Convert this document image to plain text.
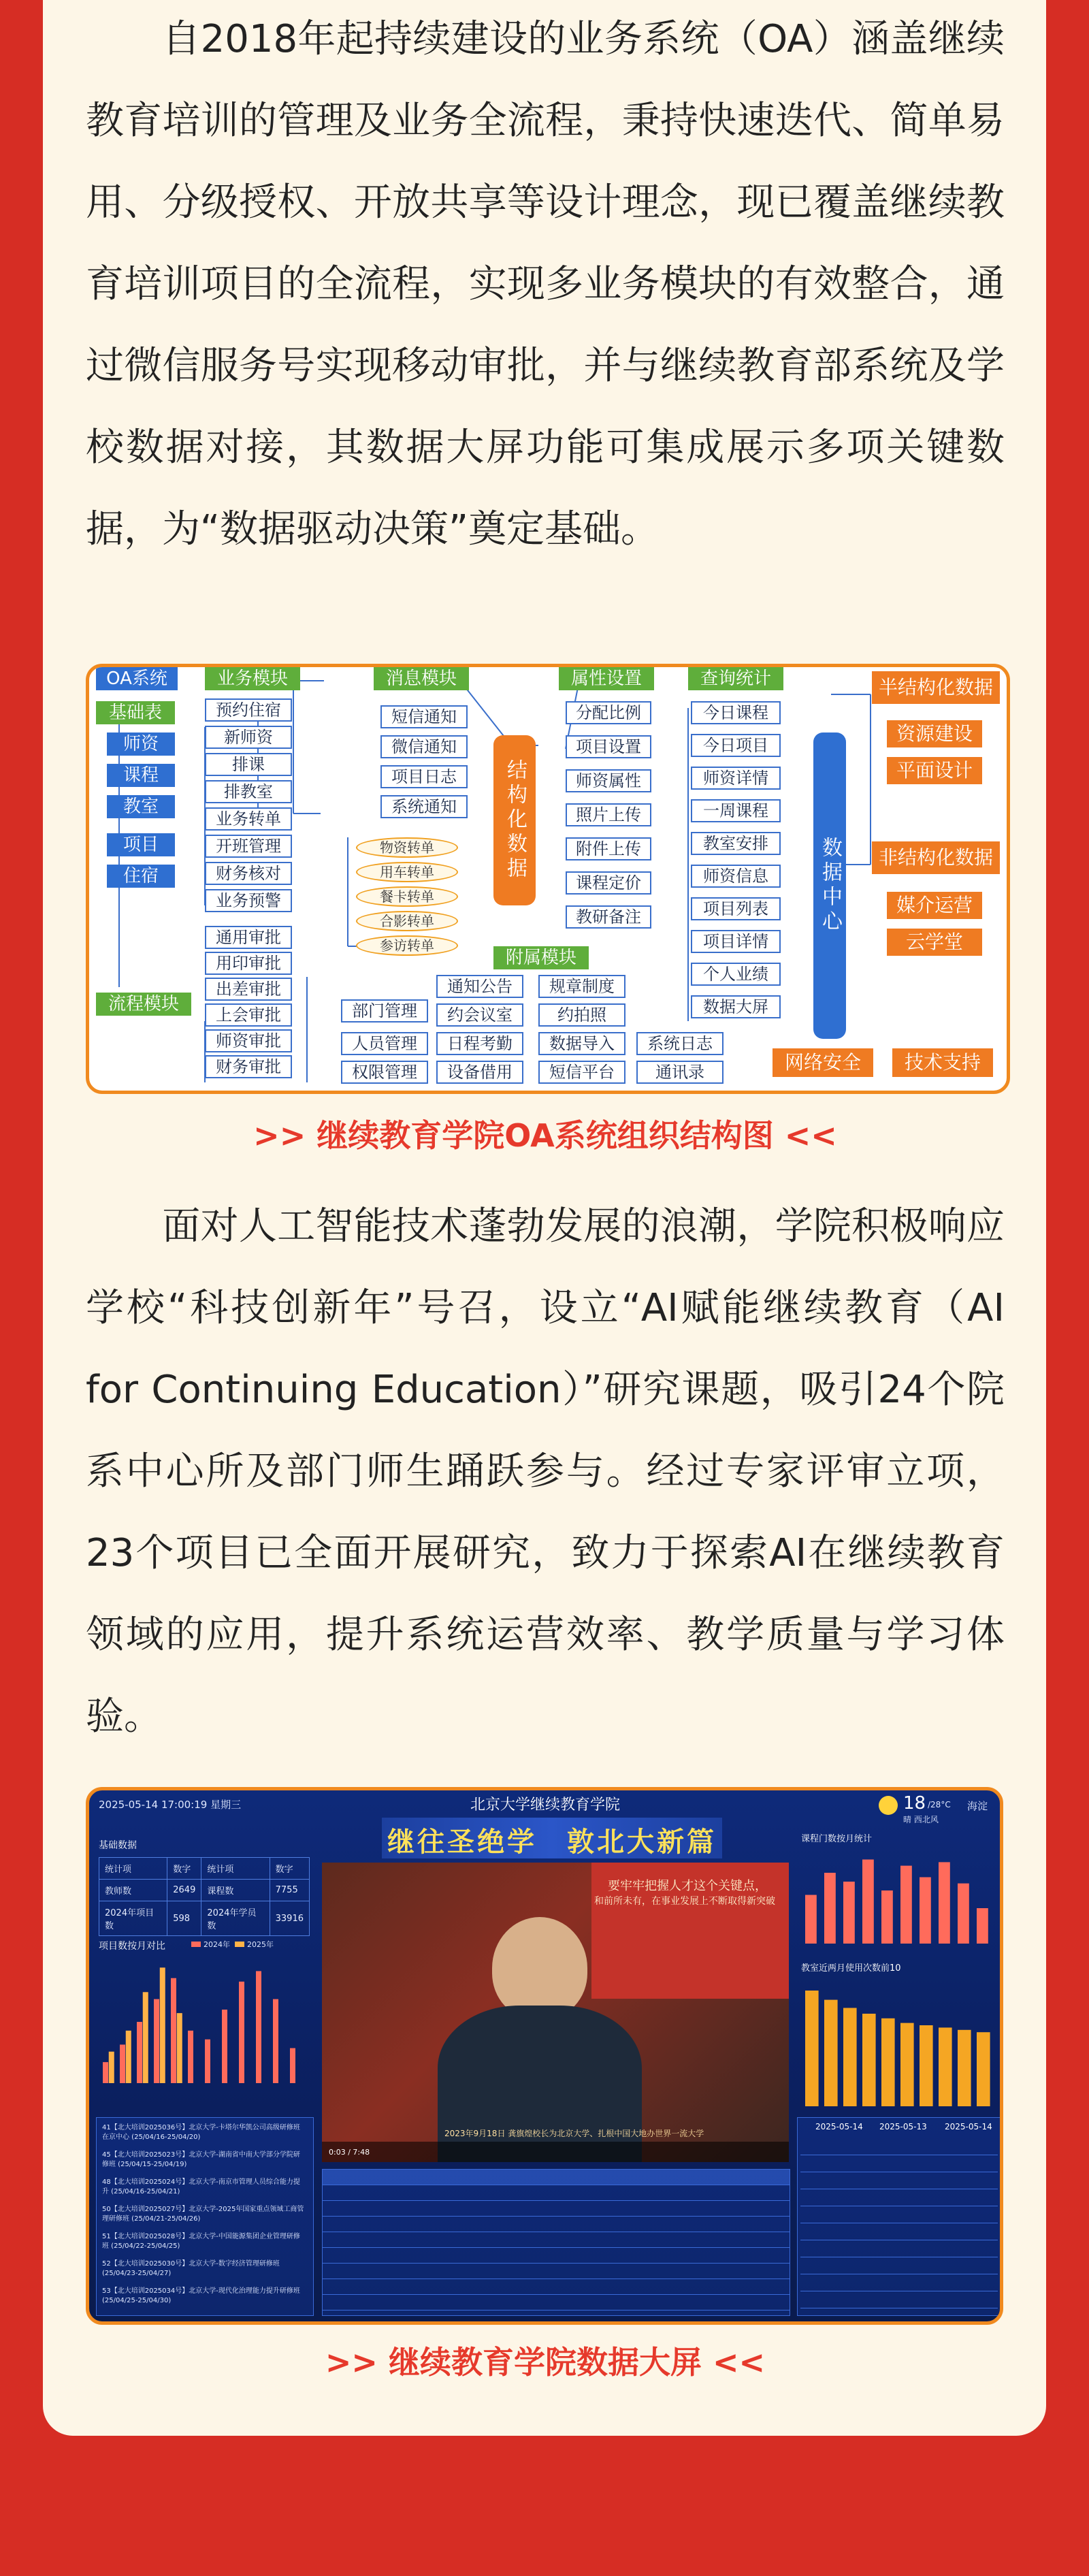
自2018年起持续建设的业务系统（OA）涵盖继续教育培训的管理及业务全流程，秉持快速迭代、简单易用、分级授权、开放共享等设计理念，现已覆盖继续教育培训项目的全流程，实现多业务模块的有效整合，通过微信服务号实现移动审批，并与继续教育部系统及学校数据对接，其数据大屏功能可集成展示多项关键数据，为“数据驱动决策”奠定基础。

OA系统
基础表
师资
课程
教室
项目
住宿
流程模块
业务模块
预约住宿
新师资
排课
排教室
业务转单
开班管理
财务核对
业务预警
通用审批
用印审批
出差审批
上会审批
师资审批
财务审批
消息模块
短信通知
微信通知
项目日志
系统通知
物资转单
用车转单
餐卡转单
合影转单
参访转单
结构化数据
属性设置
分配比例
项目设置
师资属性
照片上传
附件上传
课程定价
教研备注
附属模块
部门管理
通知公告	规章制度
约会议室	约拍照
人员管理	日程考勤	数据导入	系统日志
权限管理	设备借用	短信平台	通讯录
查询统计
今日课程
今日项目
师资详情
一周课程
教室安排
师资信息
项目列表
项目详情
个人业绩
数据大屏
数据中心
半结构化数据
资源建设
平面设计
非结构化数据
媒介运营
云学堂
网络安全	技术支持
>> 继续教育学院OA系统组织结构图 <<

面对人工智能技术蓬勃发展的浪潮，学院积极响应学校“科技创新年”号召，设立“AI赋能继续教育（AI for Continuing Education）”研究课题，吸引24个院系中心所及部门师生踊跃参与。经过专家评审立项，23个项目已全面开展研究，致力于探索AI在继续教育领域的应用，提升系统运营效率、教学质量与学习体验。

2025-05-14 17:00:19 星期三	北京大学继续教育学院	18 /28°C 海淀
晴 西北风
继往圣绝学　敦北大新篇
基础数据
统计项	数字	统计项	数字
教师数	2649	课程数	7755
2024年项目数	598	2024年学员数	33916
项目数按月对比	2024年 2025年
41【北大培训2025036号】北京大学-卡塔尔华凯公司高级研修班在京中心 (25/04/16-25/04/20)
45【北大培训2025023号】北京大学-湖南省中南大学部分学院研修班 (25/04/15-25/04/19)
48【北大培训2025024号】北京大学-南京市管理人员综合能力提升 (25/04/16-25/04/21)
50【北大培训2025027号】北京大学-2025年国家重点领域工商管理研修班 (25/04/21-25/04/26)
51【北大培训2025028号】北京大学-中国能源集团企业管理研修班 (25/04/22-25/04/25)
52【北大培训2025030号】北京大学-数字经济管理研修班 (25/04/23-25/04/27)
53【北大培训2025034号】北京大学-现代化治理能力提升研修班 (25/04/25-25/04/30)
要牢牢把握人才这个关键点，
和前所未有，在事业发展上不断取得新突破
0:03 / 7:48
2023年9月18日 龚旗煌校长为北京大学、扎根中国大地办世界一流大学
课程门数按月统计
教室近两月使用次数前10
2025-05-14 2025-05-13 2025-05-14
>> 继续教育学院数据大屏 <<
